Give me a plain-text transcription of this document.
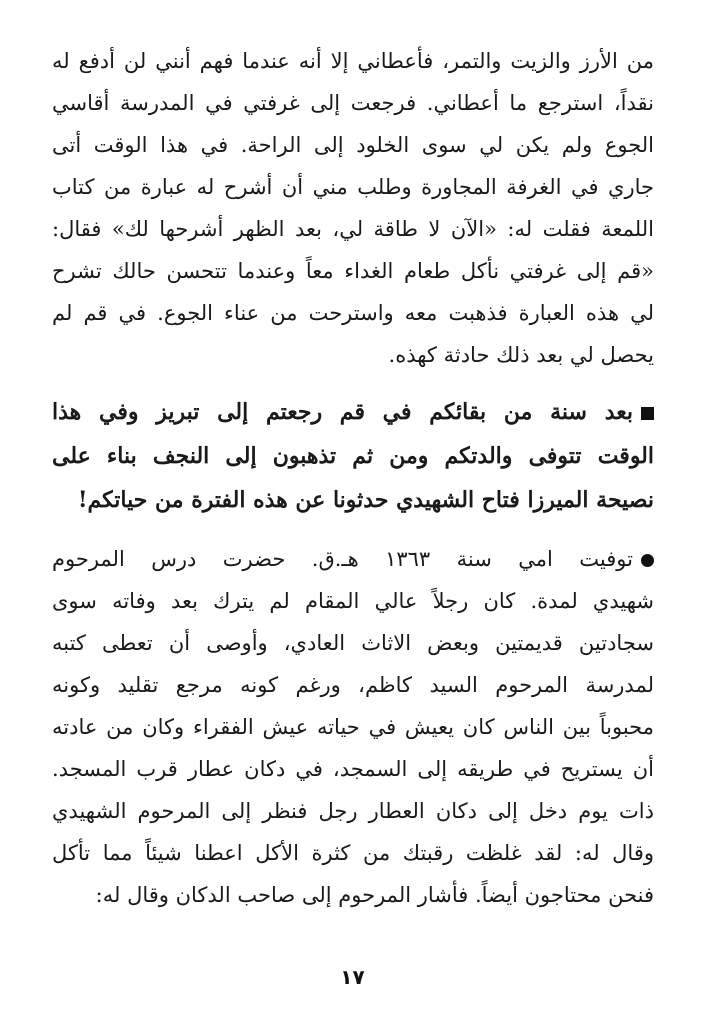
من الأرز والزيت والتمر، فأعطاني إلا أنه عندما فهم أنني لن أدفع له
نقداً، استرجع ما أعطاني. فرجعت إلى غرفتي في المدرسة أقاسي
الجوع ولم يكن لي سوى الخلود إلى الراحة. في هذا الوقت أتى
جاري في الغرفة المجاورة وطلب مني أن أشرح له عبارة من كتاب
اللمعة فقلت له: «الآن لا طاقة لي، بعد الظهر أشرحها لك» فقال:
«قم إلى غرفتي نأكل طعام الغداء معاً وعندما تتحسن حالك تشرح
لي هذه العبارة فذهبت معه واسترحت من عناء الجوع. في قم لم
يحصل لي بعد ذلك حادثة كهذه.
بعد سنة من بقائكم في قم رجعتم إلى تبريز وفي هذا
الوقت تتوفى والدتكم ومن ثم تذهبون إلى النجف بناء على
نصيحة الميرزا فتاح الشهيدي حدثونا عن هذه الفترة من حياتكم!
توفيت امي سنة ١٣٦٣ هـ.ق. حضرت درس المرحوم
شهيدي لمدة. كان رجلاً عالي المقام لم يترك بعد وفاته سوى
سجادتين قديمتين وبعض الاثاث العادي، وأوصى أن تعطى كتبه
لمدرسة المرحوم السيد كاظم، ورغم كونه مرجع تقليد وكونه
محبوباً بين الناس كان يعيش في حياته عيش الفقراء وكان من عادته
أن يستريح في طريقه إلى السمجد، في دكان عطار قرب المسجد.
ذات يوم دخل إلى دكان العطار رجل فنظر إلى المرحوم الشهيدي
وقال له: لقد غلظت رقبتك من كثرة الأكل اعطنا شيئاً مما تأكل
فنحن محتاجون أيضاً. فأشار المرحوم إلى صاحب الدكان وقال له:
١٧
